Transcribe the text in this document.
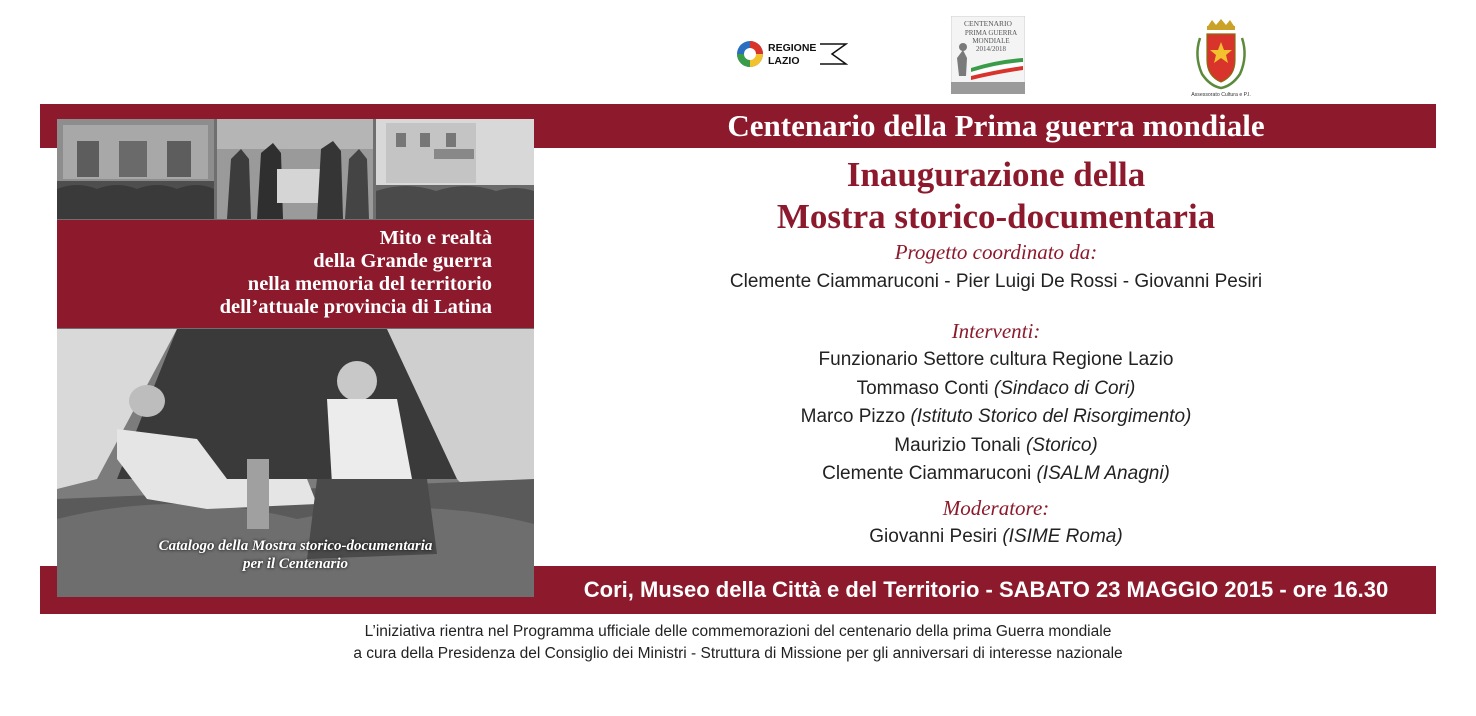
REGIONE
LAZIO
CENTENARIO
PRIMA GUERRA
MONDIALE
2014/2018
Assessorato Cultura e P.I.
Mito e realtà
della Grande guerra
nella memoria del territorio
dell’attuale provincia di Latina
Catalogo della Mostra storico-documentaria
per il Centenario
Centenario della Prima guerra mondiale
Inaugurazione della
Mostra storico-documentaria
Progetto coordinato da:
Clemente Ciammaruconi - Pier Luigi De Rossi - Giovanni Pesiri
Interventi:
Funzionario Settore cultura Regione Lazio
Tommaso Conti (Sindaco di Cori)
Marco Pizzo (Istituto Storico del Risorgimento)
Maurizio Tonali (Storico)
Clemente Ciammaruconi (ISALM Anagni)
Moderatore:
Giovanni Pesiri (ISIME Roma)
Cori, Museo della Città e del Territorio - SABATO 23 MAGGIO 2015 - ore 16.30
L’iniziativa rientra nel Programma ufficiale delle commemorazioni del centenario della prima Guerra mondiale
a cura della Presidenza del Consiglio dei Ministri - Struttura di Missione per gli anniversari di interesse nazionale
